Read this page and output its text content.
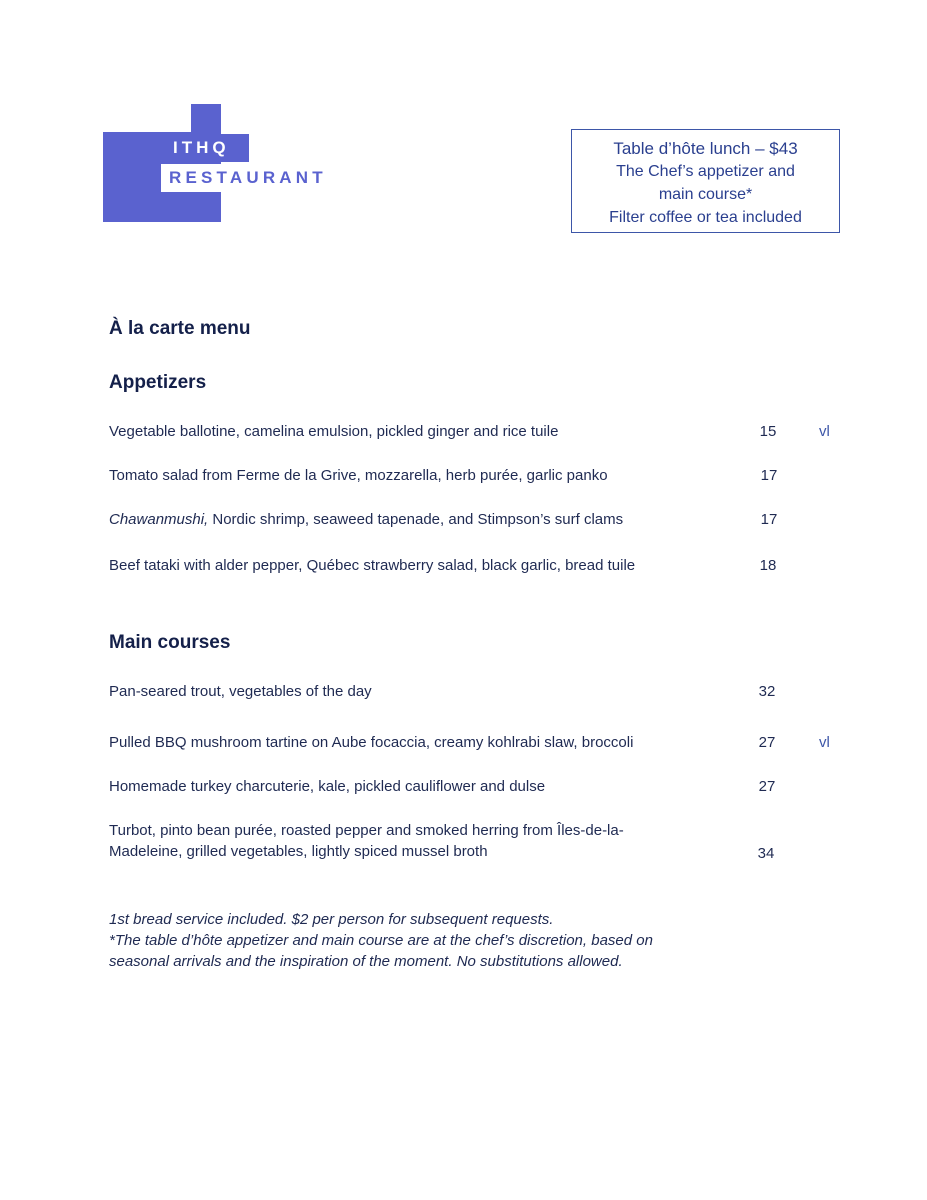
ITHQ
RESTAURANT
Table d’hôte lunch – $43
The Chef’s appetizer and
main course*
Filter coffee or tea included
À la carte menu
Appetizers
Vegetable ballotine, camelina emulsion, pickled ginger and rice tuile	15	vl
Tomato salad from Ferme de la Grive, mozzarella, herb purée, garlic panko	17
Chawanmushi, Nordic shrimp, seaweed tapenade, and Stimpson’s surf clams	17
Beef tataki with alder pepper, Québec strawberry salad, black garlic, bread tuile	18
Main courses
Pan-seared trout, vegetables of the day	32
Pulled BBQ mushroom tartine on Aube focaccia, creamy kohlrabi slaw, broccoli	27	vl
Homemade turkey charcuterie, kale, pickled cauliflower and dulse	27
Turbot, pinto bean purée, roasted pepper and smoked herring from Îles-de-la-
Madeleine, grilled vegetables, lightly spiced mussel broth	34
1st bread service included. $2 per person for subsequent requests.
*The table d’hôte appetizer and main course are at the chef’s discretion, based on
seasonal arrivals and the inspiration of the moment. No substitutions allowed.
